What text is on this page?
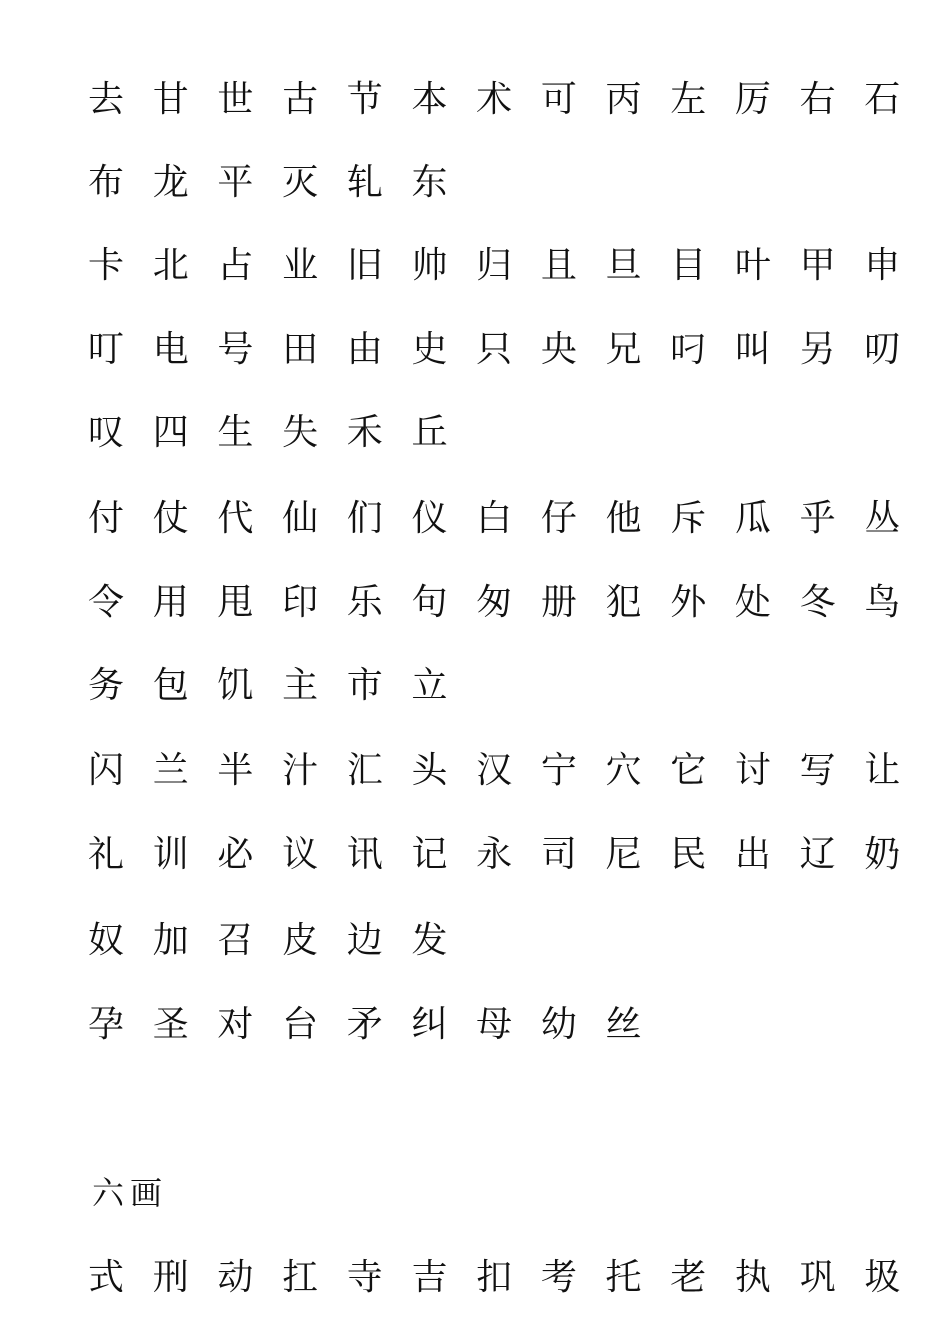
去 甘 世 古 节 本 术 可 丙 左 厉 右 石
布 龙 平 灭 轧 东
卡 北 占 业 旧 帅 归 且 旦 目 叶 甲 申
叮 电 号 田 由 史 只 央 兄 叼 叫 另 叨
叹 四 生 失 禾 丘
付 仗 代 仙 们 仪 白 仔 他 斥 瓜 乎 丛
令 用 甩 印 乐 句 匆 册 犯 外 处 冬 鸟
务 包 饥 主 市 立
闪 兰 半 汁 汇 头 汉 宁 穴 它 讨 写 让
礼 训 必 议 讯 记 永 司 尼 民 出 辽 奶
奴 加 召 皮 边 发
孕 圣 对 台 矛 纠 母 幼 丝
六画
式 刑 动 扛 寺 吉 扣 考 托 老 执 巩 圾
